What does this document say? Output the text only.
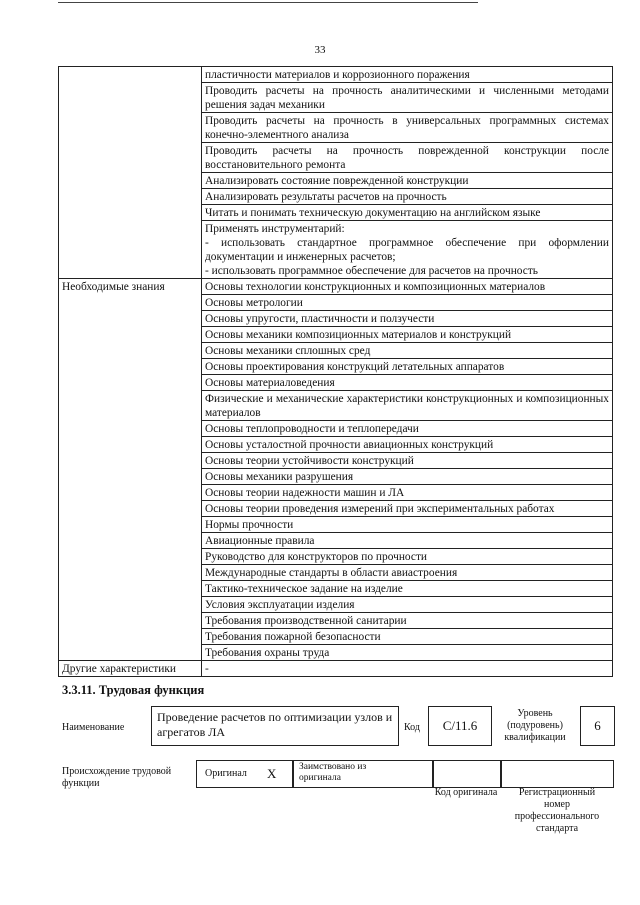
33
	пластичности материалов и коррозионного поражения
	Проводить расчеты на прочность аналитическими и численными методами решения задач механики
	Проводить расчеты на прочность в универсальных программных системах конечно-элементного анализа
	Проводить расчеты на прочность поврежденной конструкции после восстановительного ремонта
	Анализировать состояние поврежденной конструкции
	Анализировать результаты расчетов на прочность
	Читать и понимать техническую документацию на английском языке
	Применять инструментарий:
- использовать стандартное программное обеспечение при оформлении документации и инженерных расчетов;
- использовать программное обеспечение для расчетов на прочность
Необходимые знания	Основы технологии конструкционных и композиционных материалов
	Основы метрологии
	Основы упругости, пластичности и ползучести
	Основы механики композиционных материалов и конструкций
	Основы механики сплошных сред
	Основы проектирования конструкций летательных аппаратов
	Основы материаловедения
	Физические и механические характеристики конструкционных и композиционных материалов
	Основы теплопроводности и теплопередачи
	Основы усталостной прочности авиационных конструкций
	Основы теории устойчивости конструкций
	Основы механики разрушения
	Основы теории надежности машин и ЛА
	Основы теории проведения измерений при экспериментальных работах
	Нормы прочности
	Авиационные правила
	Руководство для конструкторов по прочности
	Международные стандарты в области авиастроения
	Тактико-техническое задание на изделие
	Условия эксплуатации изделия
	Требования производственной санитарии
	Требования пожарной безопасности
	Требования охраны труда
Другие характеристики	-
3.3.11. Трудовая функция
Наименование
Проведение расчетов по оптимизации узлов и агрегатов ЛА	Код	C/11.6
Уровень (подуровень) квалификации
6
Происхождение трудовой функции
Оригинал X Заимствовано из оригинала
Код оригинала	Регистрационный номер профессионального стандарта
